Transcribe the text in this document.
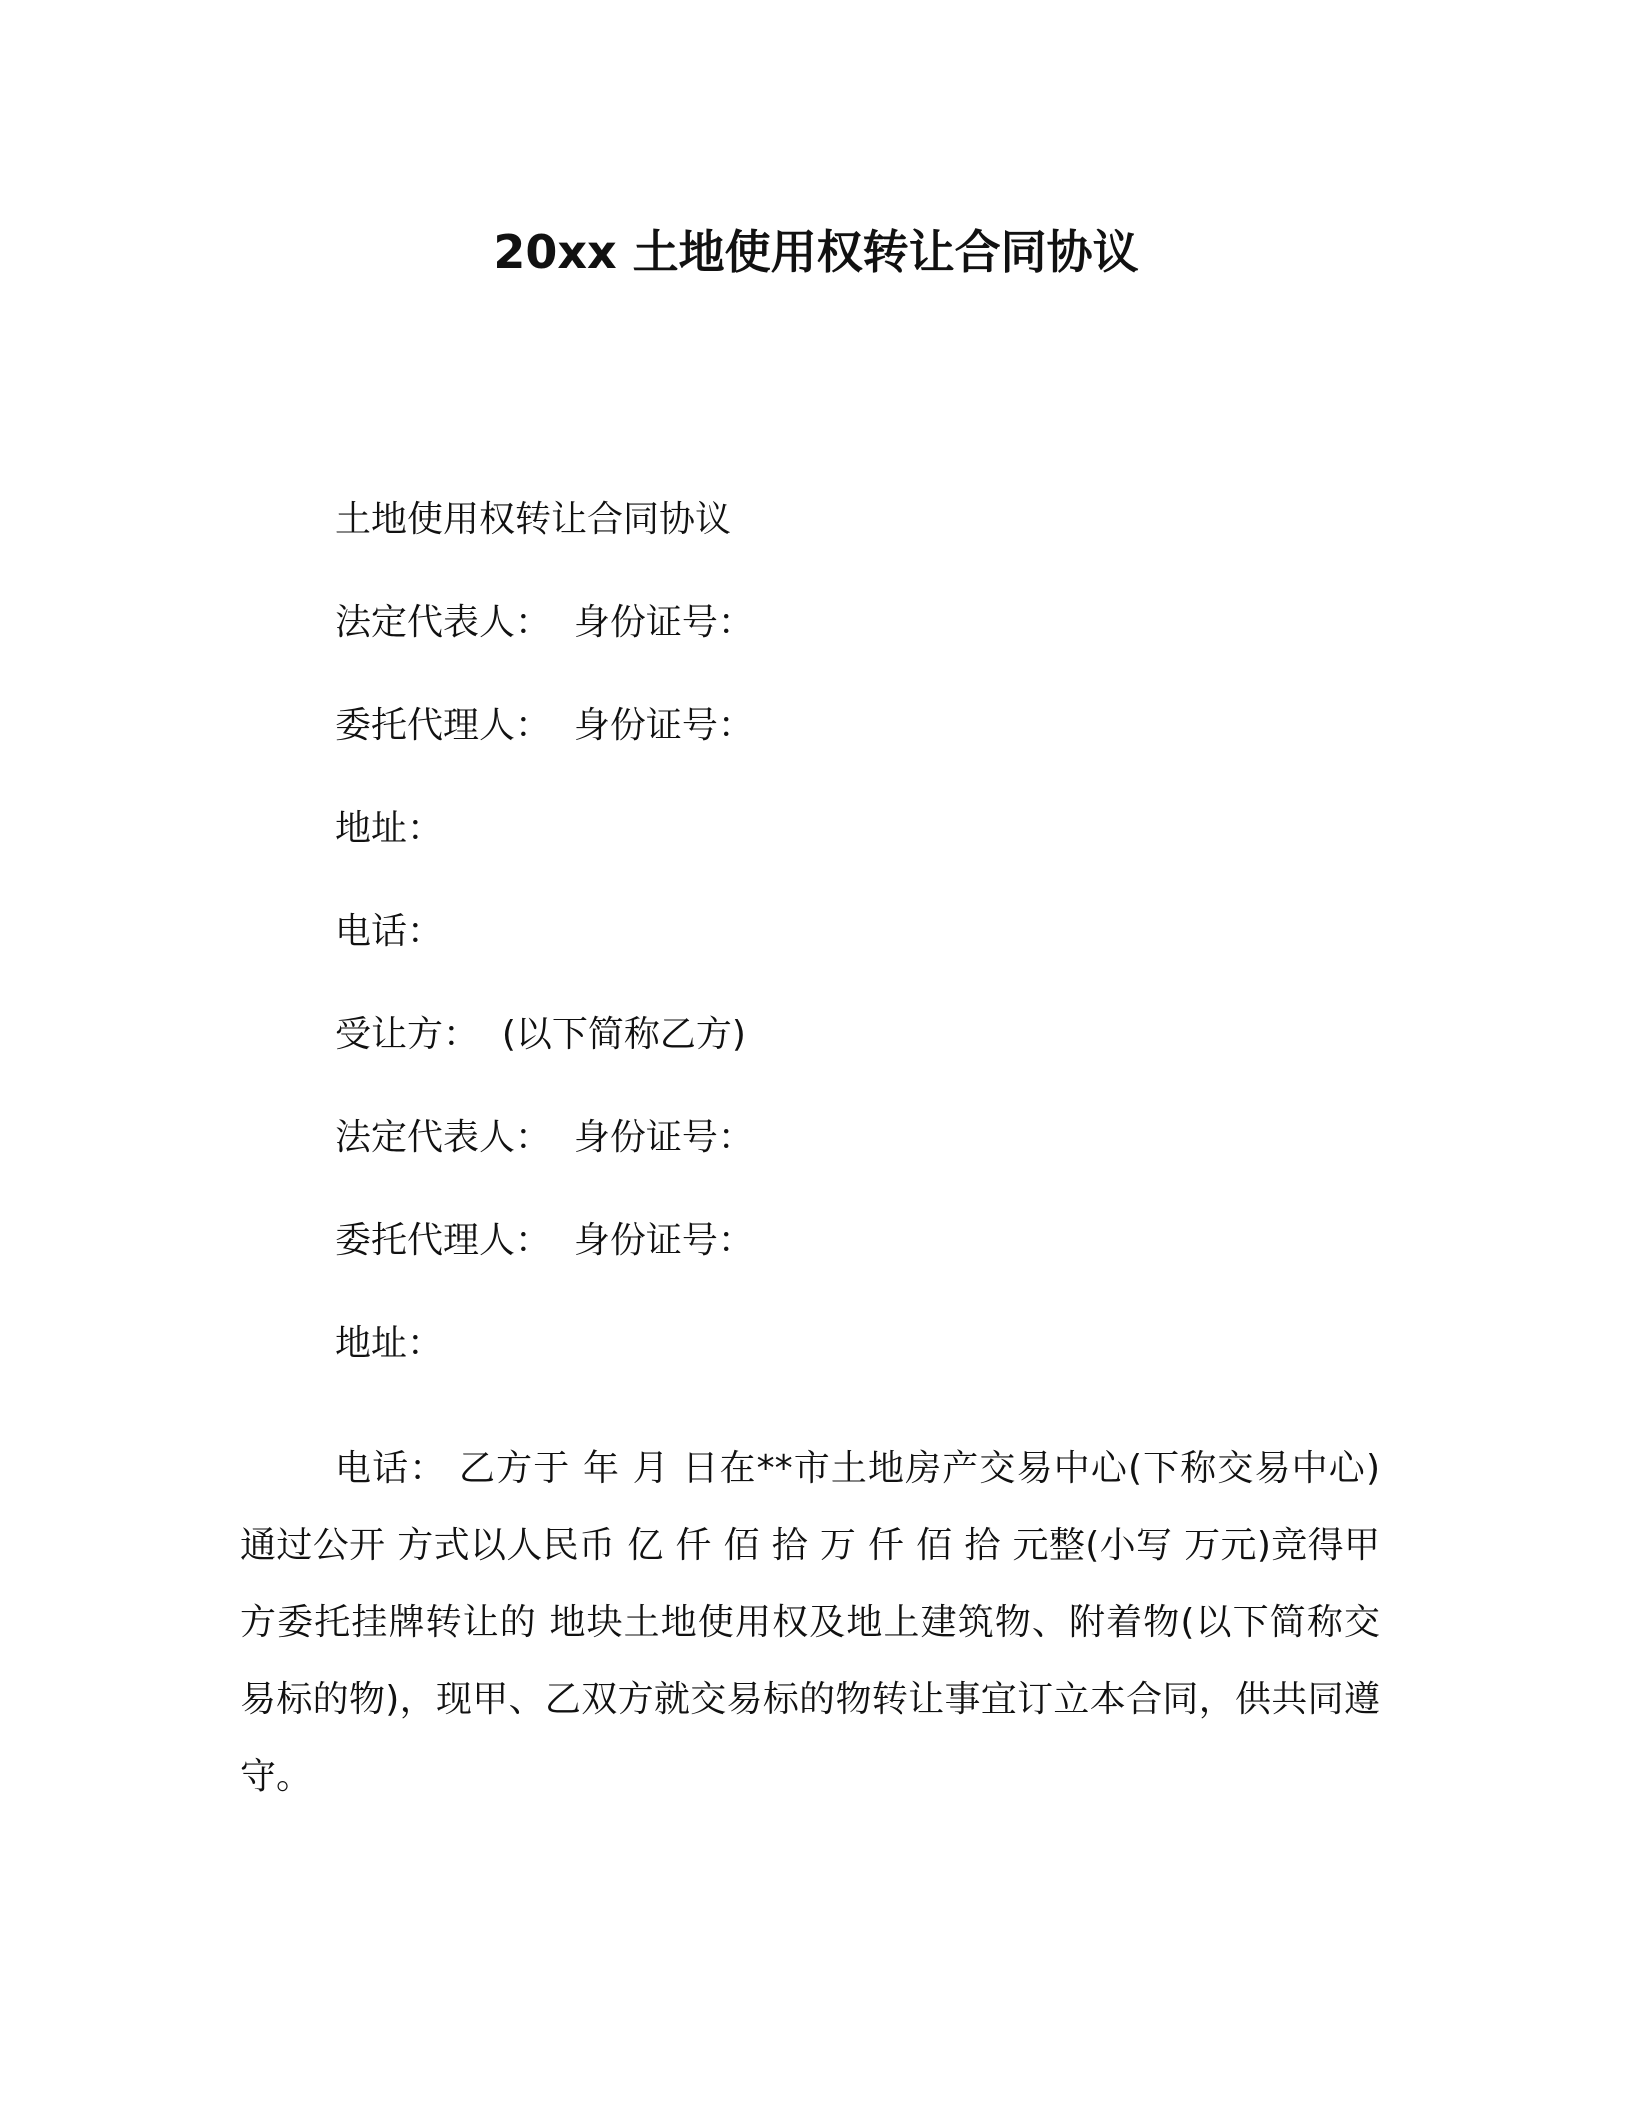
20xx 土地使用权转让合同协议
土地使用权转让合同协议
法定代表人：  身份证号：
委托代理人：  身份证号：
地址：
电话：
受让方：  (以下简称乙方)
法定代表人：  身份证号：
委托代理人：  身份证号：
地址：
电话： 乙方于 年 月 日在**市土地房产交易中心(下称交易中心) 通过公开 方式以人民币 亿 仟 佰 拾 万 仟 佰 拾 元整(小写 万元)竞得甲方委托挂牌转让的 地块土地使用权及地上建筑物、附着物(以下简称交易标的物)，现甲、乙双方就交易标的物转让事宜订立本合同，供共同遵守。
